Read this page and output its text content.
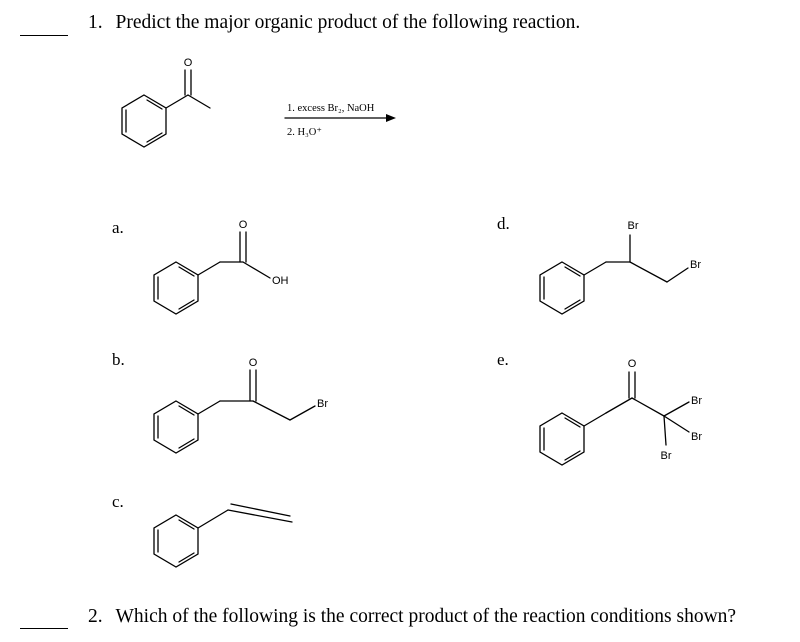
1. Predict the major organic product of the following reaction.
a.
b.
c.
d.
e.
O
1. excess Br₂, NaOH
2. H₃O⁺
O
OH
O
Br
Br
Br
O
Br
Br
Br
2. Which of the following is the correct product of the reaction conditions shown?
